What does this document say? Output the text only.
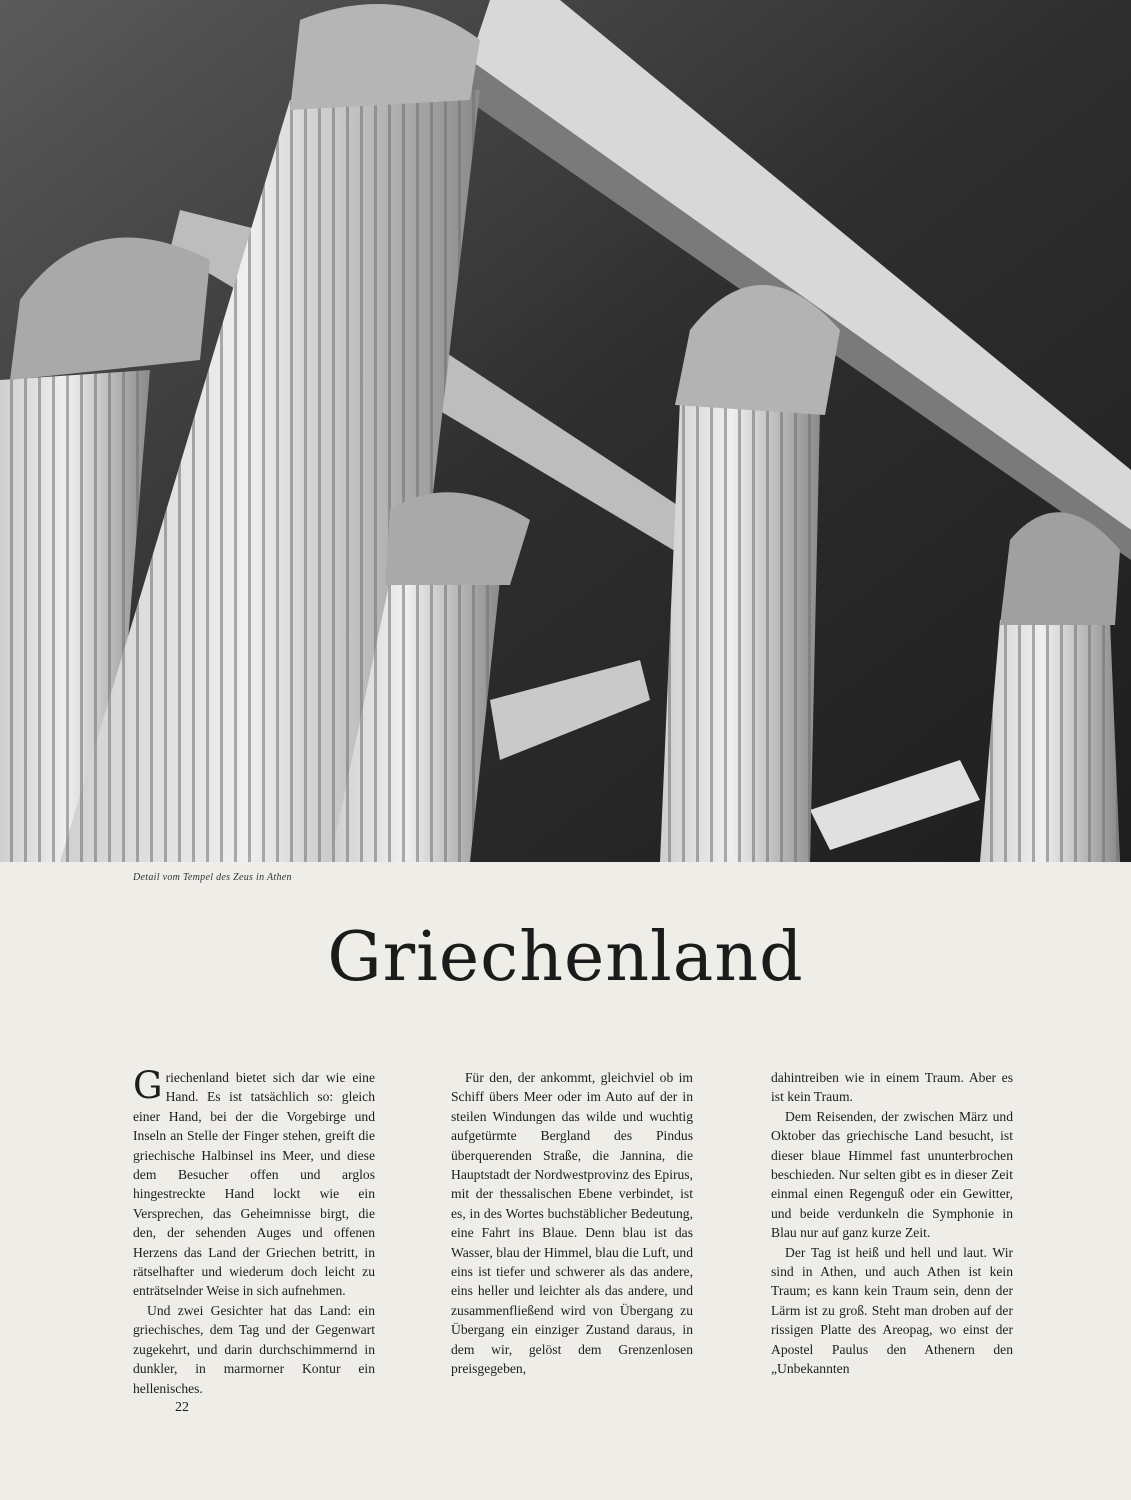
Detail vom Tempel des Zeus in Athen
Griechenland

Griechenland bietet sich dar wie eine Hand. Es ist tatsächlich so: gleich einer Hand, bei der die Vorgebirge und Inseln an Stelle der Finger stehen, greift die griechische Halbinsel ins Meer, und diese dem Besucher offen und arglos hingestreckte Hand lockt wie ein Versprechen, das Geheimnisse birgt, die den, der sehenden Auges und offenen Herzens das Land der Griechen betritt, in rätselhafter und wiederum doch leicht zu enträtselnder Weise in sich aufnehmen.

Und zwei Gesichter hat das Land: ein griechisches, dem Tag und der Gegenwart zugekehrt, und darin durchschimmernd in dunkler, in marmorner Kontur ein hellenisches.

Für den, der ankommt, gleichviel ob im Schiff übers Meer oder im Auto auf der in steilen Windungen das wilde und wuchtig aufgetürmte Bergland des Pindus überquerenden Straße, die Jannina, die Hauptstadt der Nordwestprovinz des Epirus, mit der thessalischen Ebene verbindet, ist es, in des Wortes buchstäblicher Bedeutung, eine Fahrt ins Blaue. Denn blau ist das Wasser, blau der Himmel, blau die Luft, und eins ist tiefer und schwerer als das andere, eins heller und leichter als das andere, und zusammenfließend wird von Übergang zu Übergang ein einziger Zustand daraus, in dem wir, gelöst dem Grenzenlosen preisgegeben,

dahintreiben wie in einem Traum. Aber es ist kein Traum.

Dem Reisenden, der zwischen März und Oktober das griechische Land besucht, ist dieser blaue Himmel fast ununterbrochen beschieden. Nur selten gibt es in dieser Zeit einmal einen Regenguß oder ein Gewitter, und beide verdunkeln die Symphonie in Blau nur auf ganz kurze Zeit.

Der Tag ist heiß und hell und laut. Wir sind in Athen, und auch Athen ist kein Traum; es kann kein Traum sein, denn der Lärm ist zu groß. Steht man droben auf der rissigen Platte des Areopag, wo einst der Apostel Paulus den Athenern den „Unbekannten

22
